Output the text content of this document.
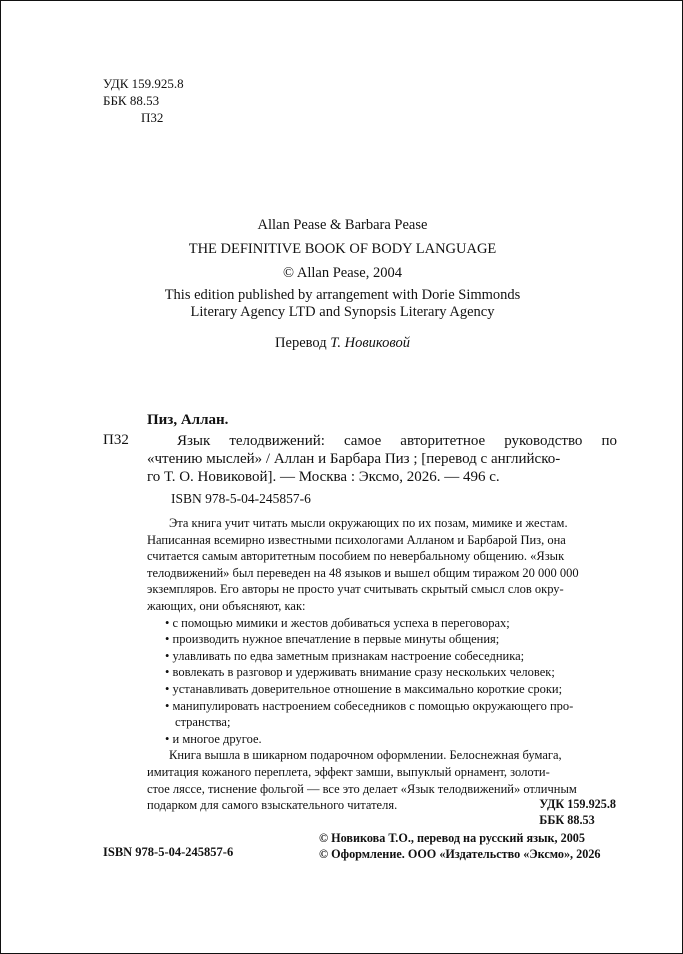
УДК 159.925.8
ББК 88.53
П32
Allan Pease & Barbara Pease
THE DEFINITIVE BOOK OF BODY LANGUAGE
© Allan Pease, 2004
This edition published by arrangement with Dorie Simmonds
Literary Agency LTD and Synopsis Literary Agency
Перевод Т. Новиковой
Пиз, Аллан.
П32	Язык телодвижений: самое авторитетное руководство по
«чтению мыслей» / Аллан и Барбара Пиз ; [перевод с английско-
го Т. О. Новиковой]. — Москва : Эксмо, 2026. — 496 с.
ISBN 978-5-04-245857-6
Эта книга учит читать мысли окружающих по их позам, мимике и жестам.
Написанная всемирно известными психологами Алланом и Барбарой Пиз, она
считается самым авторитетным пособием по невербальному общению. «Язык
телодвижений» был переведен на 48 языков и вышел общим тиражом 20 000 000
экземпляров. Его авторы не просто учат считывать скрытый смысл слов окру-
жающих, они объясняют, как:
• с помощью мимики и жестов добиваться успеха в переговорах;
• производить нужное впечатление в первые минуты общения;
• улавливать по едва заметным признакам настроение собеседника;
• вовлекать в разговор и удерживать внимание сразу нескольких человек;
• устанавливать доверительное отношение в максимально короткие сроки;
• манипулировать настроением собеседников с помощью окружающего про-
странства;
• и многое другое.
Книга вышла в шикарном подарочном оформлении. Белоснежная бумага,
имитация кожаного переплета, эффект замши, выпуклый орнамент, золоти-
стое ляссе, тиснение фольгой — все это делает «Язык телодвижений» отличным
подарком для самого взыскательного читателя.	УДК 159.925.8
ББК 88.53
ISBN 978-5-04-245857-6
© Новикова Т.О., перевод на русский язык, 2005
© Оформление. ООО «Издательство «Эксмо», 2026
